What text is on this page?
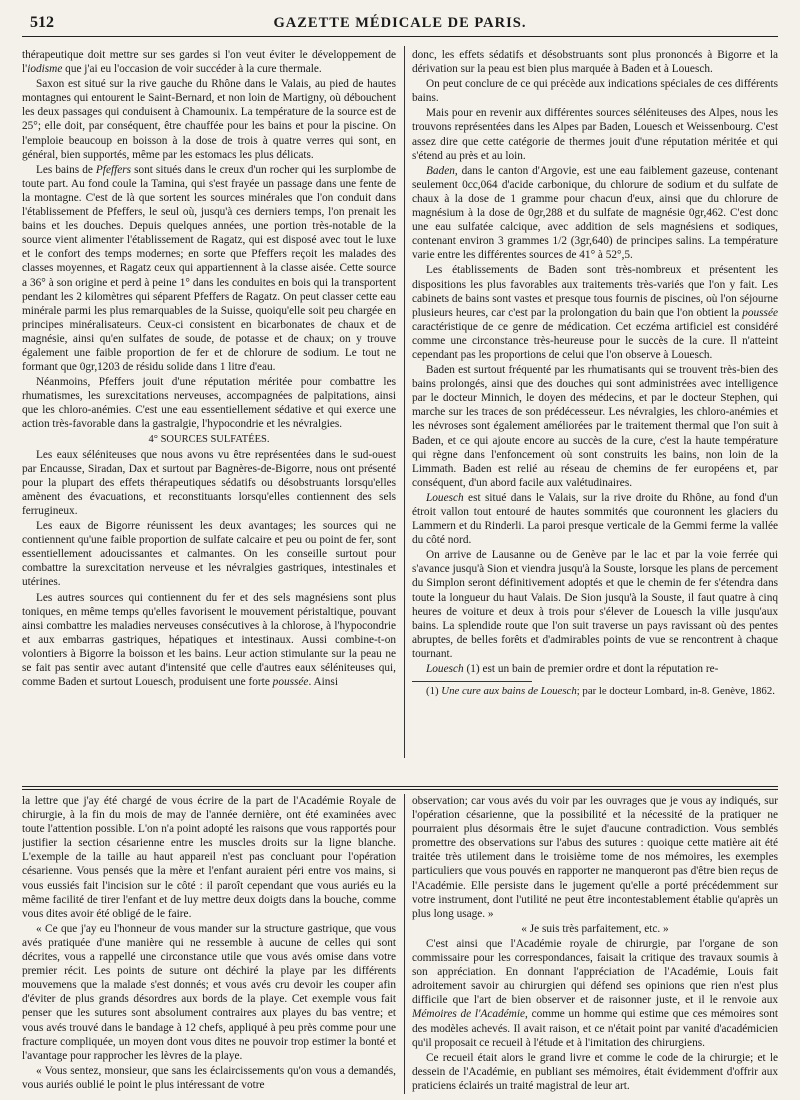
512	GAZETTE MÉDICALE DE PARIS.

thérapeutique doit mettre sur ses gardes si l'on veut éviter le développement de l'iodisme que j'ai eu l'occasion de voir succéder à la cure thermale.

Saxon est situé sur la rive gauche du Rhône dans le Valais, au pied de hautes montagnes qui entourent le Saint-Bernard, et non loin de Martigny, où débouchent les deux passages qui conduisent à Chamounix. La température de la source est de 25°; elle doit, par conséquent, être chauffée pour les bains et pour la piscine. On l'emploie beaucoup en boisson à la dose de trois à quatre verres qui sont, en général, bien supportés, même par les estomacs les plus délicats.

Les bains de Pfeffers sont situés dans le creux d'un rocher qui les surplombe de toute part. Au fond coule la Tamina, qui s'est frayée un passage dans une fente de la montagne. C'est de là que sortent les sources minérales que l'on conduit dans l'établissement de Pfeffers, le seul où, jusqu'à ces derniers temps, l'on prenait les bains et les douches. Depuis quelques années, une portion très-notable de la source vient alimenter l'établissement de Ragatz, qui est disposé avec tout le luxe et le confort des temps modernes; en sorte que Pfeffers reçoit les malades des classes moyennes, et Ragatz ceux qui appartiennent à la classe aisée. Cette source a 36° à son origine et perd à peine 1° dans les conduites en bois qui la transportent pendant les 2 kilomètres qui séparent Pfeffers de Ragatz. On peut classer cette eau minérale parmi les plus remarquables de la Suisse, quoiqu'elle soit peu chargée en principes minéralisateurs. Ceux-ci consistent en bicarbonates de chaux et de magnésie, ainsi qu'en sulfates de soude, de potasse et de chaux; on y trouve également une faible proportion de fer et de chlorure de sodium. Le tout ne formant que 0gr,1203 de résidu solide dans 1 litre d'eau.

Néanmoins, Pfeffers jouit d'une réputation méritée pour combattre les rhumatismes, les surexcitations nerveuses, accompagnées de palpitations, ainsi que les chloro-anémies. C'est une eau essentiellement sédative et qui exerce une action très-favorable dans la gastralgie, l'hypocondrie et les névralgies.

4° SOURCES SULFATÉES.

Les eaux séléniteuses que nous avons vu être représentées dans le sud-ouest par Encausse, Siradan, Dax et surtout par Bagnères-de-Bigorre, nous ont présenté pour la plupart des effets thérapeutiques sédatifs ou désobstruants lorsqu'elles amènent des évacuations, et reconstituants lorsqu'elles contiennent des sels ferrugineux.

Les eaux de Bigorre réunissent les deux avantages; les sources qui ne contiennent qu'une faible proportion de sulfate calcaire et peu ou point de fer, sont essentiellement adoucissantes et calmantes. On les conseille surtout pour combattre la surexcitation nerveuse et les névralgies gastriques, intestinales et utérines.

Les autres sources qui contiennent du fer et des sels magnésiens sont plus toniques, en même temps qu'elles favorisent le mouvement péristaltique, pouvant ainsi combattre les maladies nerveuses consécutives à la chlorose, à l'hypocondrie et aux embarras gastriques, hépatiques et intestinaux. Aussi combine-t-on volontiers à Bigorre la boisson et les bains. Leur action stimulante sur la peau ne se fait pas sentir avec autant d'intensité que celle d'autres eaux séléniteuses qui, comme Baden et surtout Louesch, produisent une forte poussée. Ainsi

donc, les effets sédatifs et désobstruants sont plus prononcés à Bigorre et la dérivation sur la peau est bien plus marquée à Baden et à Louesch.

On peut conclure de ce qui précède aux indications spéciales de ces différents bains.

Mais pour en revenir aux différentes sources séléniteuses des Alpes, nous les trouvons représentées dans les Alpes par Baden, Louesch et Weissenbourg. C'est assez dire que cette catégorie de thermes jouit d'une réputation méritée et qui s'étend au près et au loin.

Baden, dans le canton d'Argovie, est une eau faiblement gazeuse, contenant seulement 0cc,064 d'acide carbonique, du chlorure de sodium et du sulfate de chaux à la dose de 1 gramme pour chacun d'eux, ainsi que du chlorure de magnésium à la dose de 0gr,288 et du sulfate de magnésie 0gr,462. C'est donc une eau sulfatée calcique, avec addition de sels magnésiens et sodiques, contenant environ 3 grammes 1/2 (3gr,640) de principes salins. La température varie entre les différentes sources de 41° à 52°,5.

Les établissements de Baden sont très-nombreux et présentent les dispositions les plus favorables aux traitements très-variés que l'on y fait. Les cabinets de bains sont vastes et presque tous fournis de piscines, où l'on séjourne plusieurs heures, car c'est par la prolongation du bain que l'on obtient la poussée caractéristique de ce genre de médication. Cet eczéma artificiel est considéré comme une circonstance très-heureuse pour le succès de la cure. Il n'atteint cependant pas les proportions de celui que l'on observe à Louesch.

Baden est surtout fréquenté par les rhumatisants qui se trouvent très-bien des bains prolongés, ainsi que des douches qui sont administrées avec intelligence par le docteur Minnich, le doyen des médecins, et par le docteur Stephen, qui marche sur les traces de son prédécesseur. Les névralgies, les chloro-anémies et les névroses sont également améliorées par le traitement thermal que l'on suit à Baden, et ce qui ajoute encore au succès de la cure, c'est la haute température qui règne dans l'enfoncement où sont construits les bains, non loin de la Limmath. Baden est relié au réseau de chemins de fer européens et, par conséquent, d'un abord facile aux valétudinaires.

Louesch est situé dans le Valais, sur la rive droite du Rhône, au fond d'un étroit vallon tout entouré de hautes sommités que couronnent les glaciers du Lammern et du Rinderli. La paroi presque verticale de la Gemmi ferme la vallée du côté nord.

On arrive de Lausanne ou de Genève par le lac et par la voie ferrée qui s'avance jusqu'à Sion et viendra jusqu'à la Souste, lorsque les plans de percement du Simplon seront définitivement adoptés et que le chemin de fer s'étendra dans toute la longueur du haut Valais. De Sion jusqu'à la Souste, il faut quatre à cinq heures de voiture et deux à trois pour s'élever de Louesch la ville jusqu'aux bains. La splendide route que l'on suit traverse un pays ravissant où des pentes abruptes, de belles forêts et d'admirables points de vue se rencontrent à chaque tournant.

Louesch (1) est un bain de premier ordre et dont la réputation re-

(1) Une cure aux bains de Louesch; par le docteur Lombard, in-8. Genève, 1862.

la lettre que j'ay été chargé de vous écrire de la part de l'Académie Royale de chirurgie, à la fin du mois de may de l'année dernière, ont été examinées avec toute l'attention possible. L'on n'a point adopté les raisons que vous rapportés pour justifier la section césarienne entre les muscles droits sur la ligne blanche. L'exemple de la taille au haut appareil n'est pas concluant pour l'opération césarienne. Vous pensés que la mère et l'enfant auraient péri entre vos mains, si vous eussiés fait l'incision sur le côté : il paroît cependant que vous auriés eu la même facilité de tirer l'enfant et de luy mettre deux doigts dans la bouche, comme vous dites avoir été obligé de le faire.

« Ce que j'ay eu l'honneur de vous mander sur la structure gastrique, que vous avés pratiquée d'une manière qui ne ressemble à aucune de celles qui sont décrites, vous a rappellé une circonstance utile que vous avés omise dans votre premier récit. Les points de suture ont déchiré la playe par les différents mouvemens que la malade s'est donnés; et vous avés cru devoir les couper afin d'éviter de plus grands désordres aux bords de la playe. Cet exemple vous fait penser que les sutures sont absolument contraires aux playes du bas ventre; et vous avés trouvé dans le bandage à 12 chefs, appliqué à peu près comme pour une fracture compliquée, un moyen dont vous dites ne pouvoir trop estimer la bonté et l'avantage pour rapprocher les lèvres de la playe.

« Vous sentez, monsieur, que sans les éclaircissements qu'on vous a demandés, vous auriés oublié le point le plus intéressant de votre

observation; car vous avés du voir par les ouvrages que je vous ay indiqués, sur l'opération césarienne, que la possibilité et la nécessité de la pratiquer ne pourraient plus désormais être le sujet d'aucune contradiction. Vous semblés promettre des observations sur l'abus des sutures : quoique cette matière ait été traitée très utilement dans le troisième tome de nos mémoires, les exemples particuliers que vous pouvés en rapporter ne manqueront pas d'être bien reçus de l'Académie. Elle persiste dans le jugement qu'elle a porté précédemment sur votre instrument, dont l'utilité ne peut être incontestablement établie qu'après un plus long usage. »

« Je suis très parfaitement, etc. »

C'est ainsi que l'Académie royale de chirurgie, par l'organe de son commissaire pour les correspondances, faisait la critique des travaux soumis à son appréciation. En donnant l'appréciation de l'Académie, Louis fait adroitement savoir au chirurgien qui défend ses opinions que rien n'est plus difficile que l'art de bien observer et de raisonner juste, et il le renvoie aux Mémoires de l'Académie, comme un homme qui estime que ces mémoires sont des modèles achevés. Il avait raison, et ce n'était point par vanité d'académicien qu'il proposait ce recueil à l'étude et à l'imitation des chirurgiens.

Ce recueil était alors le grand livre et comme le code de la chirurgie; et le dessein de l'Académie, en publiant ses mémoires, était évidemment d'offrir aux praticiens éclairés un traité magistral de leur art.
